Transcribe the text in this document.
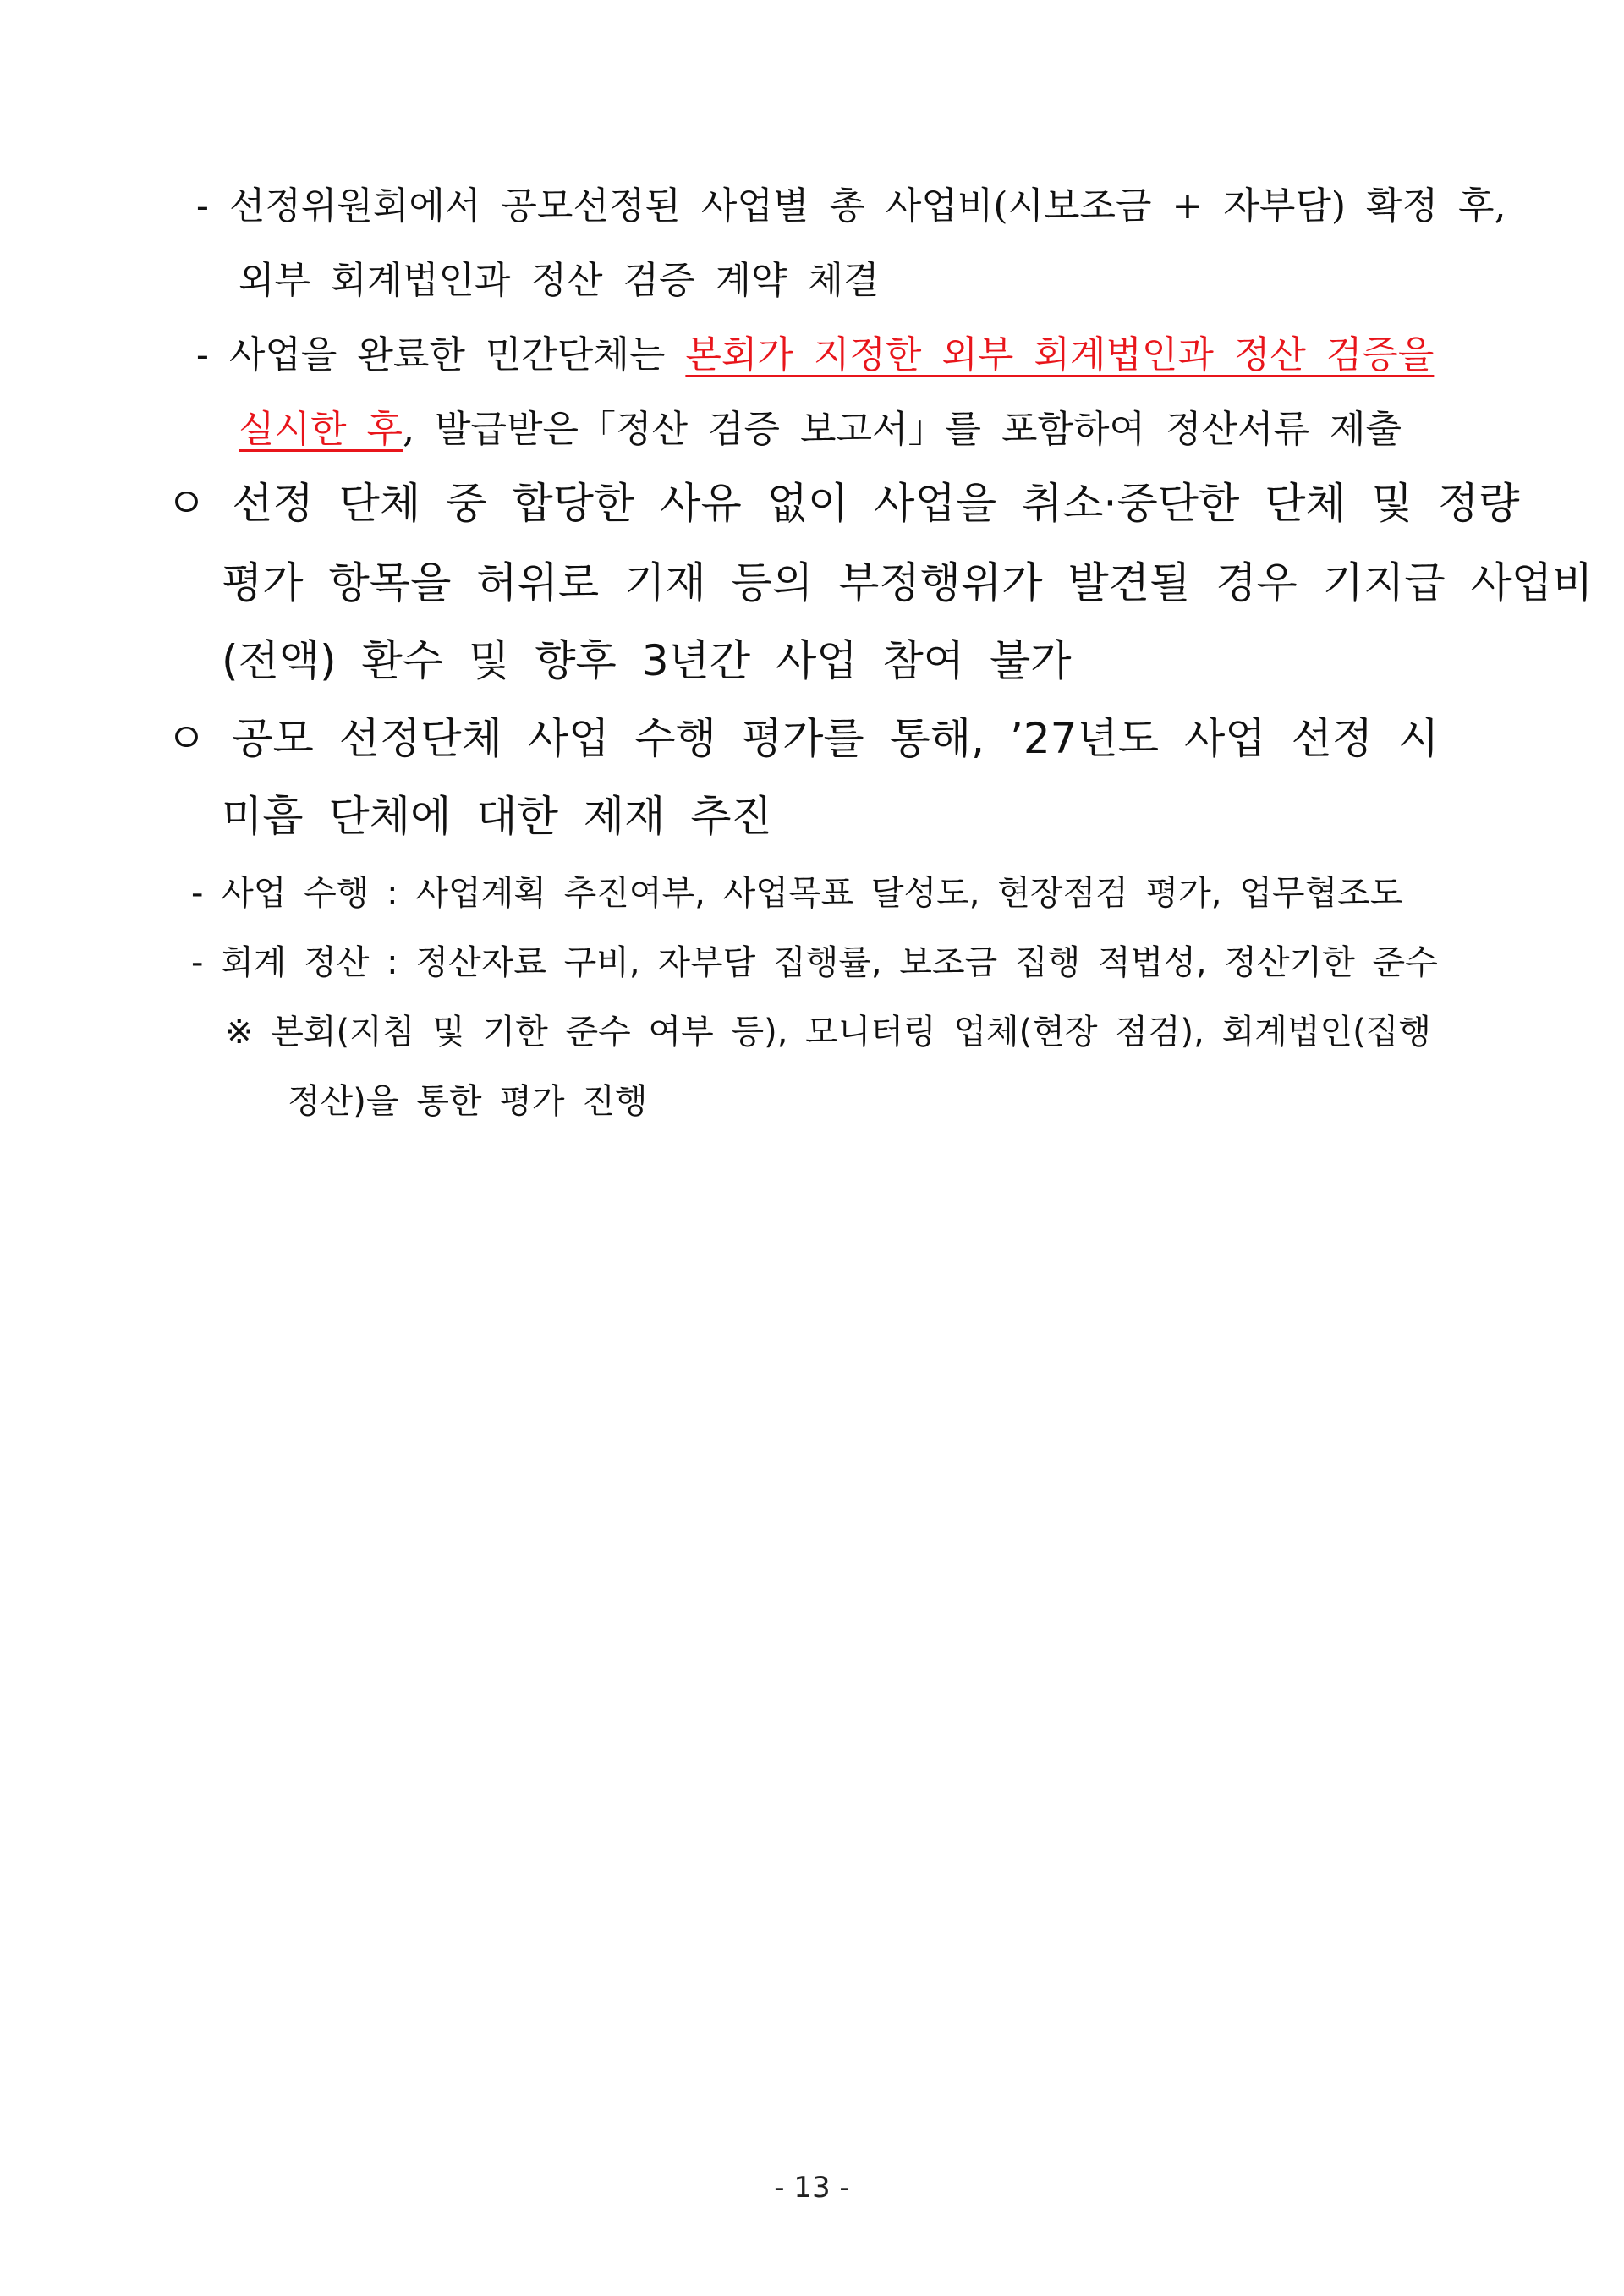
- 선정위원회에서 공모선정된 사업별 총 사업비(시보조금 + 자부담) 확정 후,
외부 회계법인과 정산 검증 계약 체결
- 사업을 완료한 민간단체는 본회가 지정한 외부 회계법인과 정산 검증을
실시한 후, 발급받은「정산 검증 보고서」를 포함하여 정산서류 제출
ㅇ 선정 단체 중 합당한 사유 없이 사업을 취소·중단한 단체 및 정량
평가 항목을 허위로 기재 등의 부정행위가 발견될 경우 기지급 사업비
(전액) 환수 및 향후 3년간 사업 참여 불가
ㅇ 공모 선정단체 사업 수행 평가를 통해, ’27년도 사업 선정 시
미흡 단체에 대한 제재 추진
- 사업 수행 : 사업계획 추진여부, 사업목표 달성도, 현장점검 평가, 업무협조도
- 회계 정산 : 정산자료 구비, 자부담 집행률, 보조금 집행 적법성, 정산기한 준수
※ 본회(지침 및 기한 준수 여부 등), 모니터링 업체(현장 점검), 회계법인(집행
정산)을 통한 평가 진행
- 13 -
